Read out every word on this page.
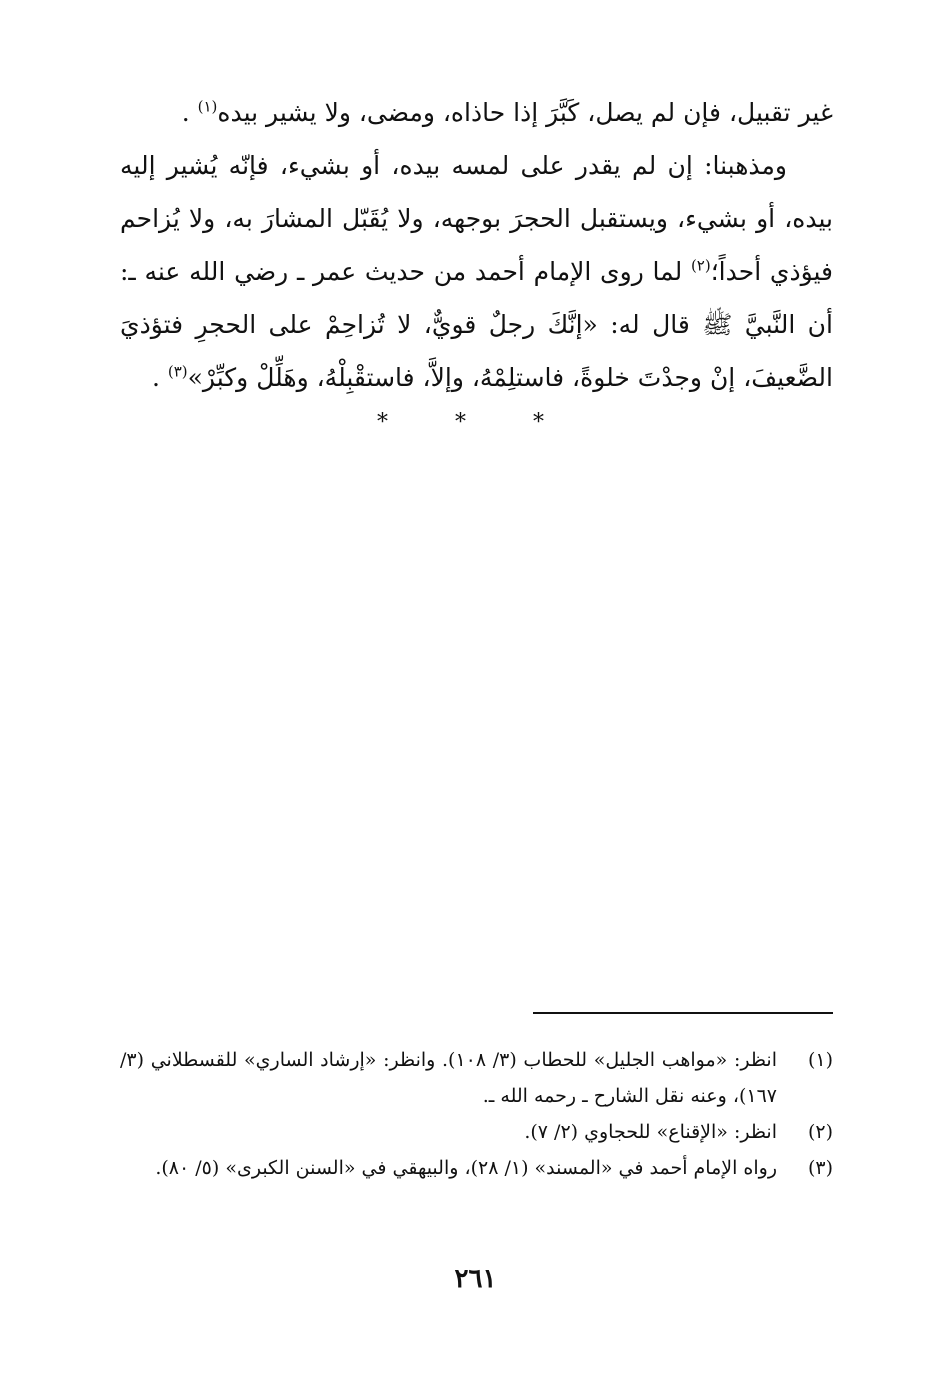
غير تقبيل، فإن لم يصل، كَبَّرَ إذا حاذاه، ومضى، ولا يشير بيده$^{(١)}$ .

ومذهبنا: إن لم يقدر على لمسه بيده، أو بشيء، فإنّه يُشير إليه بيده، أو بشيء، ويستقبل الحجرَ بوجهه، ولا يُقَبّل المشارَ به، ولا يُزاحم فيؤذي أحداً؛$^{(٢)}$ لما روى الإمام أحمد من حديث عمر ـ رضي الله عنه ـ: أن النَّبيَّ ﷺ قال له: «إنَّكَ رجلٌ قويٌّ، لا تُزاحِمْ على الحجرِ فتؤذيَ الضَّعيفَ، إنْ وجدْتَ خلوةً، فاستلِمْهُ، وإلاَّ، فاستقْبِلْهُ، وهَلِّلْ وكبِّرْ»$^{(٣)}$ .

* * *
(١)
انظر: «مواهب الجليل» للحطاب (٣/ ١٠٨). وانظر: «إرشاد الساري» للقسطلاني (٣/ ١٦٧)، وعنه نقل الشارح ـ رحمه الله ـ.
(٢)
انظر: «الإقناع» للحجاوي (٢/ ٧).
(٣)
رواه الإمام أحمد في «المسند» (١/ ٢٨)، والبيهقي في «السنن الكبرى» (٥/ ٨٠).
٢٦١
